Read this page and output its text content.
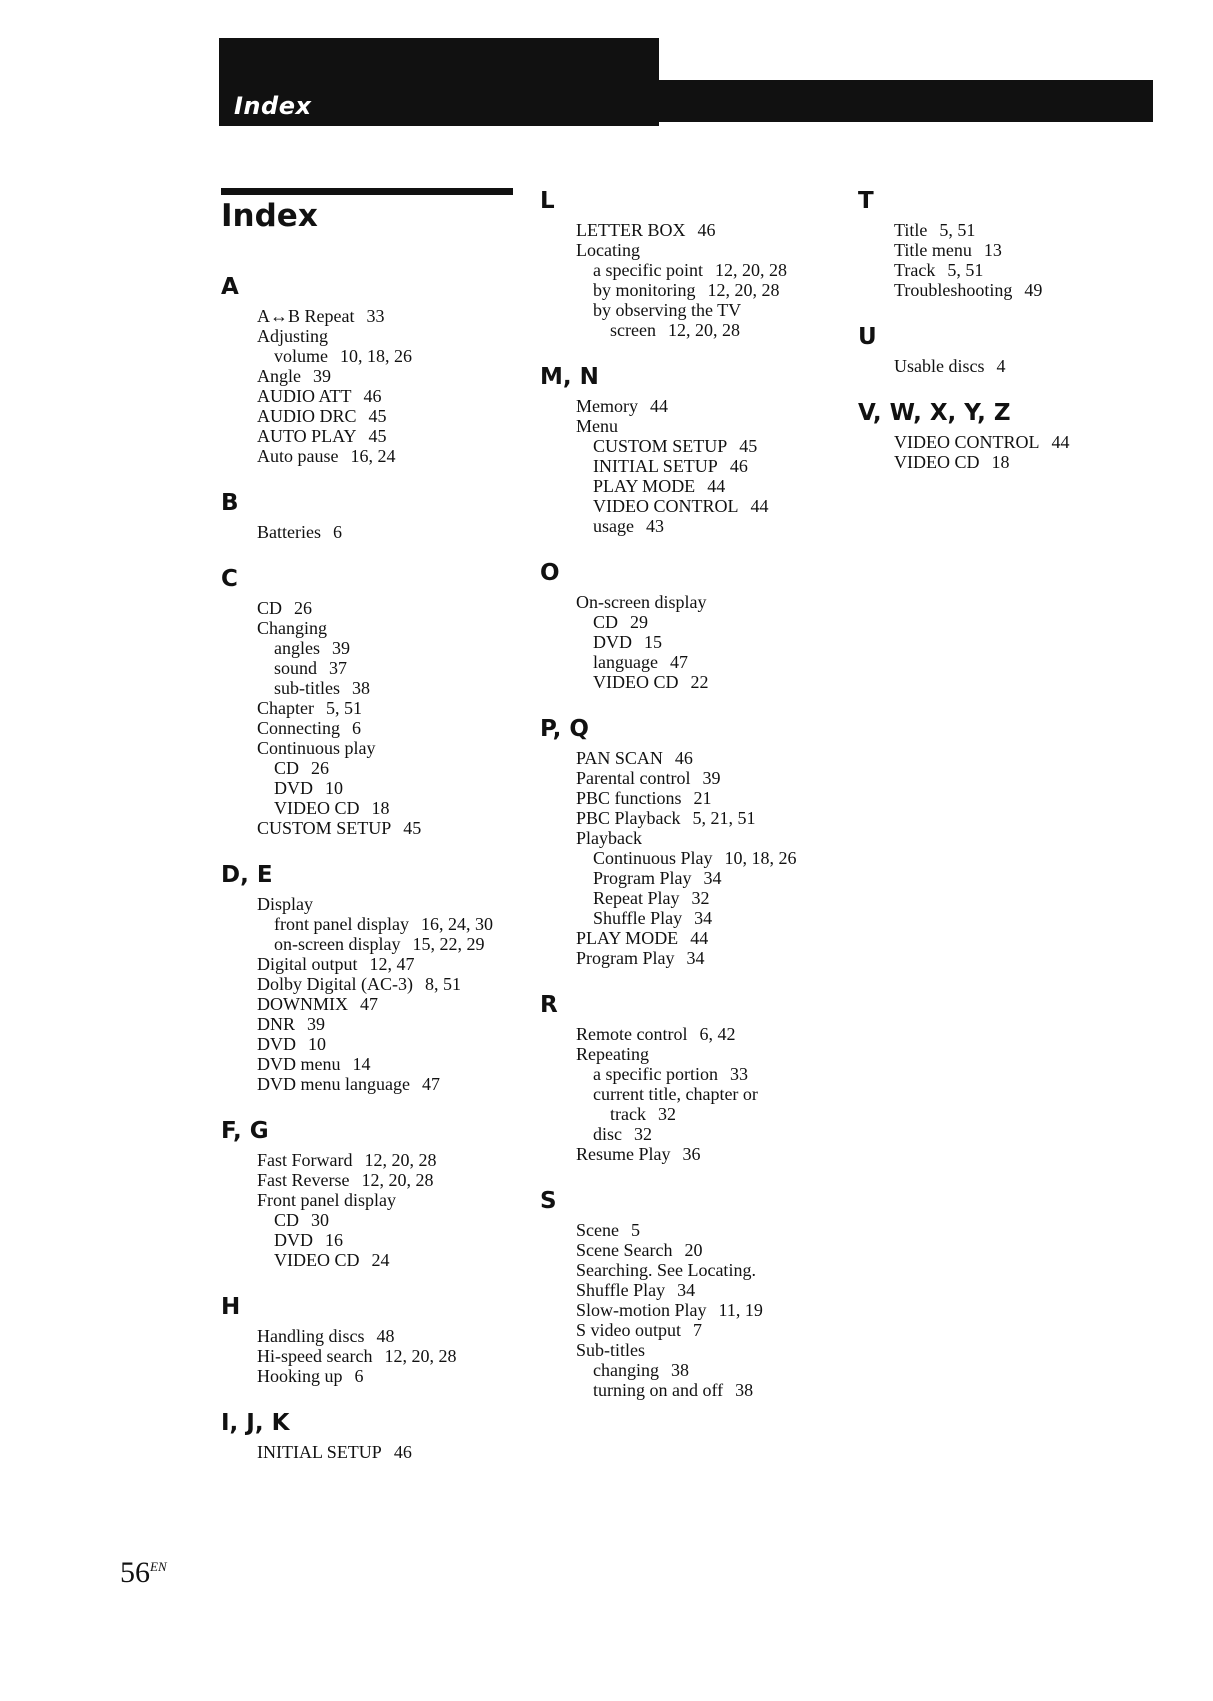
Index
Index
A
A↔B Repeat 33
Adjusting
volume 10, 18, 26
Angle 39
AUDIO ATT 46
AUDIO DRC 45
AUTO PLAY 45
Auto pause 16, 24
B
Batteries 6
C
CD 26
Changing
angles 39
sound 37
sub-titles 38
Chapter 5, 51
Connecting 6
Continuous play
CD 26
DVD 10
VIDEO CD 18
CUSTOM SETUP 45
D, E
Display
front panel display 16, 24, 30
on-screen display 15, 22, 29
Digital output 12, 47
Dolby Digital (AC-3) 8, 51
DOWNMIX 47
DNR 39
DVD 10
DVD menu 14
DVD menu language 47
F, G
Fast Forward 12, 20, 28
Fast Reverse 12, 20, 28
Front panel display
CD 30
DVD 16
VIDEO CD 24
H
Handling discs 48
Hi-speed search 12, 20, 28
Hooking up 6
I, J, K
INITIAL SETUP 46
L
LETTER BOX 46
Locating
a specific point 12, 20, 28
by monitoring 12, 20, 28
by observing the TV
screen 12, 20, 28
M, N
Memory 44
Menu
CUSTOM SETUP 45
INITIAL SETUP 46
PLAY MODE 44
VIDEO CONTROL 44
usage 43
O
On-screen display
CD 29
DVD 15
language 47
VIDEO CD 22
P, Q
PAN SCAN 46
Parental control 39
PBC functions 21
PBC Playback 5, 21, 51
Playback
Continuous Play 10, 18, 26
Program Play 34
Repeat Play 32
Shuffle Play 34
PLAY MODE 44
Program Play 34
R
Remote control 6, 42
Repeating
a specific portion 33
current title, chapter or
track 32
disc 32
Resume Play 36
S
Scene 5
Scene Search 20
Searching. See Locating.
Shuffle Play 34
Slow-motion Play 11, 19
S video output 7
Sub-titles
changing 38
turning on and off 38
T
Title 5, 51
Title menu 13
Track 5, 51
Troubleshooting 49
U
Usable discs 4
V, W, X, Y, Z
VIDEO CONTROL 44
VIDEO CD 18
$56^{EN}$
